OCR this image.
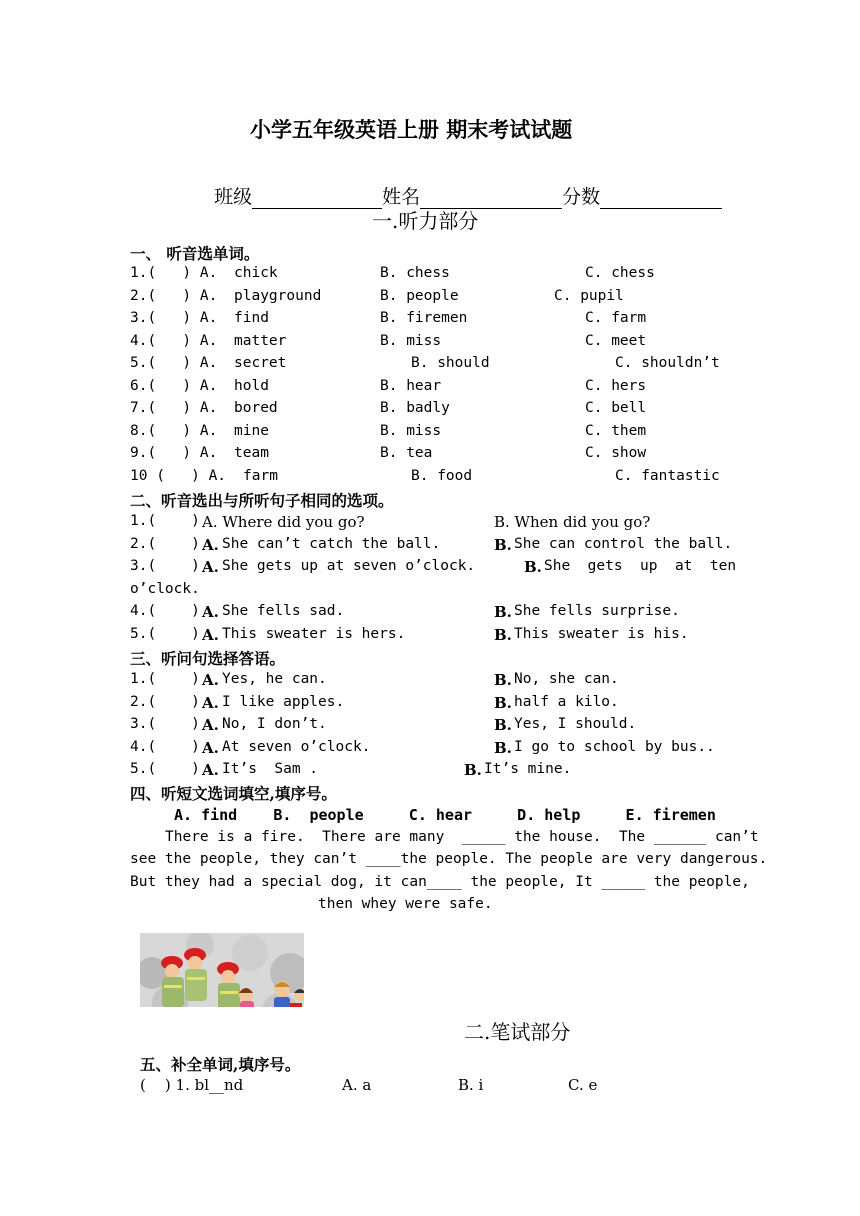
小学五年级英语上册 期末考试试题

班级	姓名	分数

一.听力部分
一、 听音选单词。
1.(   ) A. chick	B. chess	C. chess
2.(   ) A. playground	B. people	C. pupil
3.(   ) A. find	B. firemen	C. farm
4.(   ) A. matter	B. miss	C. meet
5.(   ) A. secret	B. should	C. shouldn’t
6.(   ) A. hold	B. hear	C. hers
7.(   ) A. bored	B. badly	C. bell
8.(   ) A. mine	B. miss	C. them
9.(   ) A. team	B. tea	C. show
10 (   ) A. farm	B. food	C. fantastic
二、听音选出与所听句子相同的选项。
1.(    ) A. Where did you go?	B. When did you go?
2.(    ) A. She can’t catch the ball.	B. She can control the ball.
3.(    ) A. She gets up at seven o’clock.	B. She  gets  up  at  ten
o’clock.
4.(    ) A. She fells sad.	B. She fells surprise.
5.(    ) A. This sweater is hers.	B. This sweater is his.
三、听问句选择答语。
1.(    ) A. Yes, he can.	B. No, she can.
2.(    ) A. I like apples.	B. half a kilo.
3.(    ) A. No, I don’t.	B. Yes, I should.
4.(    ) A. At seven o’clock.	B. I go to school by bus..
5.(    ) A. It’s  Sam .	B. It’s mine.
四、听短文选词填空,填序号。
A. find    B.  people     C. hear     D. help     E. firemen
There is a fire.  There are many  _____ the house.  The ______ can’t
see the people, they can’t ____the people. The people are very dangerous.
But they had a special dog, it can____ the people, It _____ the people,
then whey were safe.

二.笔试部分
五、补全单词,填序号。
(    ) 1. bl__nd	A. a	B. i	C. e
